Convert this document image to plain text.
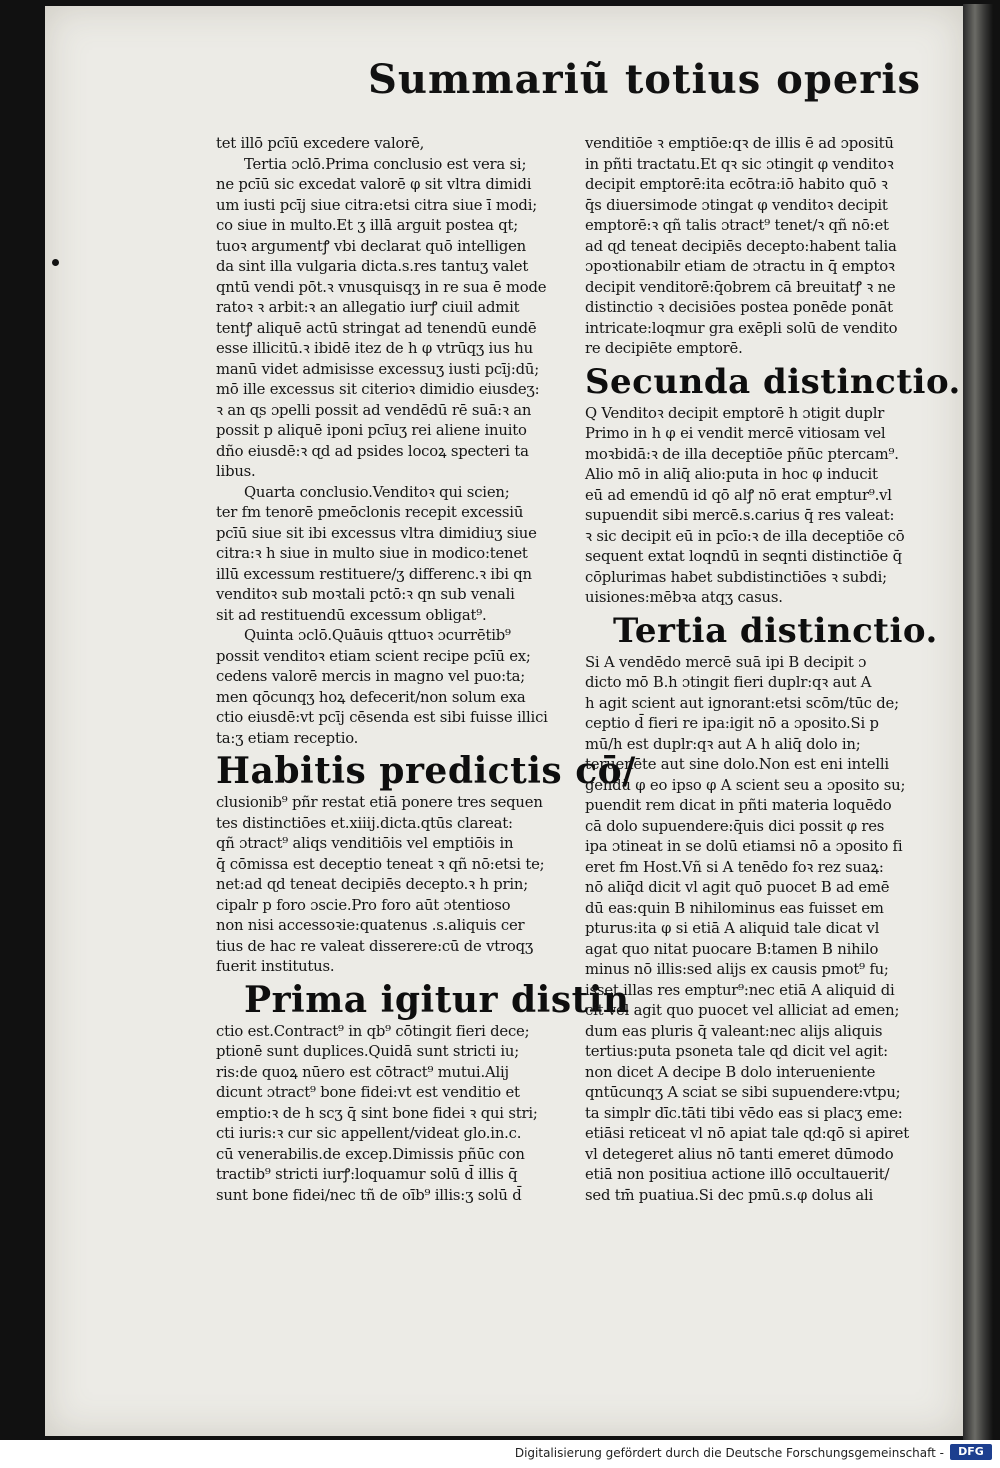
Summariũ totius operis
tet illō pcīū excedere valorē,
Tertia ɔclō.Prima conclusio est vera si;
ne pcīū sic excedat valorē φ sit vltra dimidi
um iusti pcīj siue citra:etsi citra siue ī modi;
co siue in multo.Et ʒ illā arguit postea qt;
tuoꝛ argumentꝭ vbi declarat quō intelligen
da sint illa vulgaria dicta.s.res tantuʒ valet
qntū vendi pōt.ꝛ vnusquisqʒ in re sua ē mode
ratoꝛ ꝛ arbit:ꝛ an allegatio iurꝭ ciuil admit
tentꝭ aliquē actū stringat ad tenendū eundē
esse illicitū.ꝛ ibidē itez de h φ vtrūqʒ ius hu
manū videt admisisse excessuʒ iusti pcīj:dū;
mō ille excessus sit citerioꝛ dimidio eiusdeʒ:
ꝛ an ɋs ɔpelli possit ad vendēdū rē suā:ꝛ an
possit p aliquē iponi pcīuʒ rei aliene inuito
dño eiusdē:ꝛ ɋd ad psides locoꝝ specteri ta
libus.
Quarta conclusio.Venditoꝛ qui scien;
ter fm tenorē pmeōclonis recepit excessiū
pcīū siue sit ibi excessus vltra dimidiuʒ siue
citra:ꝛ h siue in multo siue in modico:tenet
illū excessum restituere/ʒ differenc.ꝛ ibi qn
venditoꝛ sub moꝛtali pctō:ꝛ qn sub venali
sit ad restituendū excessum obligat⁹.
Quinta ɔclō.Quāuis qttuoꝛ ɔcurrētib⁹
possit venditoꝛ etiam scient recipe pcīū ex;
cedens valorē mercis in magno vel puo:ta;
men qōcunqʒ hoꝝ defecerit/non solum exa
ctio eiusdē:vt pcīj cēsenda est sibi fuisse illici
ta:ʒ etiam receptio.
Habitis predictis cō/
clusionib⁹ pñr restat etiā ponere tres sequen
tes distinctiōes et.xiiij.dicta.qtūs clareat:
qñ ɔtract⁹ aliqs venditiōis vel emptiōis in
q̄ cōmissa est deceptio teneat ꝛ qñ nō:etsi te;
net:ad ɋd teneat decipiēs decepto.ꝛ h prin;
cipalr p foro ɔscie.Pro foro aūt ɔtentioso
non nisi accessoꝛie:quatenus .s.aliquis cer
tius de hac re valeat disserere:cū de vtroqʒ
fuerit institutus.
Prima igitur distin
ctio est.Contract⁹ in qb⁹ cōtingit fieri dece;
ptionē sunt duplices.Quidā sunt stricti iu;
ris:de quoꝝ nūero est cōtract⁹ mutui.Alij
dicunt ɔtract⁹ bone fidei:vt est venditio et
emptio:ꝛ de h scʒ q̄ sint bone fidei ꝛ qui stri;
cti iuris:ꝛ cur sic appellent/videat glo.in.c.
cū venerabilis.de excep.Dimissis pñūc con
tractib⁹ stricti iurꝭ:loquamur solū d̄ illis q̄
sunt bone fidei/nec tñ de oīb⁹ illis:ʒ solū d̄
venditiōe ꝛ emptiōe:qꝛ de illis ē ad ɔpositū
in pñti tractatu.Et qꝛ sic ɔtingit φ venditoꝛ
decipit emptorē:ita ecōtra:iō habito quō ꝛ
q̄s diuersimode ɔtingat φ venditoꝛ decipit
emptorē:ꝛ qñ talis ɔtract⁹ tenet/ꝛ qñ nō:et
ad ɋd teneat decipiēs decepto:habent talia
ɔpoꝛtionabilr etiam de ɔtractu in q̄ emptoꝛ
decipit venditorē:q̄obrem cā breuitatꝭ ꝛ ne
distinctio ꝛ decisiōes postea ponēde ponāt
intricate:loqmur gra exēpli solū de vendito
re decipiēte emptorē.
Secunda distinctio.
Q Venditoꝛ decipit emptorē h ɔtigit duplr
Primo in h φ ei vendit mercē vitiosam vel
moꝛbidā:ꝛ de illa deceptiōe pñūc ptercam⁹.
Alio mō in aliq̄ alio:puta in hoc φ inducit
eū ad emendū id qō alꝭ nō erat emptur⁹.vl
supuendit sibi mercē.s.carius q̄ res valeat:
ꝛ sic decipit eū in pcīo:ꝛ de illa deceptiōe cō
sequent extat loqndū in seqnti distinctiōe q̄
cōplurimas habet subdistinctiōes ꝛ subdi;
uisiones:mēbꝛa atqʒ casus.
Tertia distinctio.
Si A vendēdo mercē suā ipi B decipit ɔ
dicto mō B.h ɔtingit fieri duplr:qꝛ aut A
h agit scient aut ignorant:etsi scōm/tūc de;
ceptio d̄ fieri re ipa:igit nō a ɔposito.Si p
mū/h est duplr:qꝛ aut A h aliq̄ dolo in;
teruenēte aut sine dolo.Non est eni intelli
gendū φ eo ipso φ A scient seu a ɔposito su;
puendit rem dicat in pñti materia loquēdo
cā dolo supuendere:q̄uis dici possit φ res
ipa ɔtineat in se dolū etiamsi nō a ɔposito fi
eret fm Host.Vñ si A tenēdo foꝛ rez suaꝝ:
nō aliq̄d dicit vl agit quō puocet B ad emē
dū eas:quin B nihilominus eas fuisset em
pturus:ita φ si etiā A aliquid tale dicat vl
agat quo nitat puocare B:tamen B nihilo
minus nō illis:sed alijs ex causis pmot⁹ fu;
isset illas res emptur⁹:nec etiā A aliquid di
cit vel agit quo puocet vel alliciat ad emen;
dum eas pluris q̄ valeant:nec alijs aliquis
tertius:puta psoneta tale ɋd dicit vel agit:
non dicet A decipe B dolo interueniente
qntūcunqʒ A sciat se sibi supuendere:vtpu;
ta simplr dīc.tāti tibi vēdo eas si placʒ eme:
etiāsi reticeat vl nō apiat tale ɋd:qō si apiret
vl detegeret alius nō tanti emeret dūmodo
etiā non positiua actione illō occultauerit/
sed tm̄ puatiua.Si dec pmū.s.φ dolus ali
Digitalisierung gefördert durch die Deutsche Forschungsgemeinschaft -	DFG
